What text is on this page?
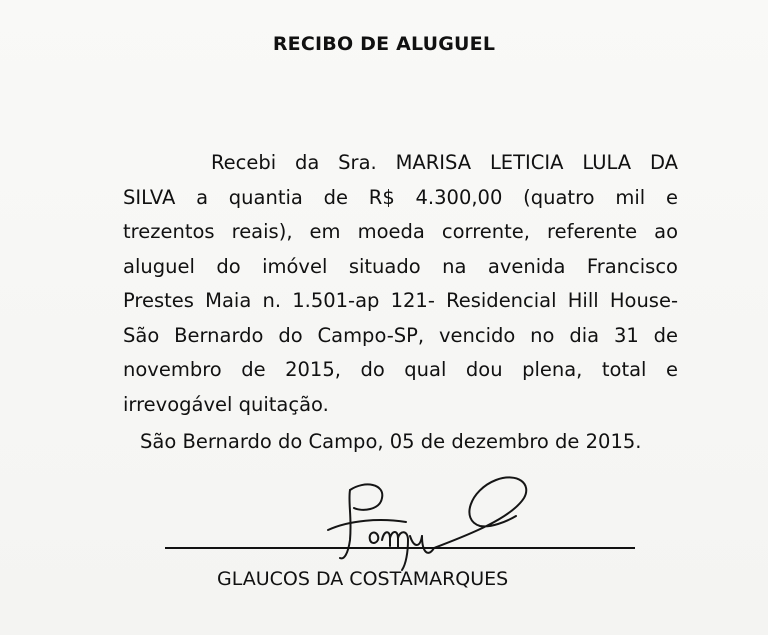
RECIBO DE ALUGUEL
Recebi da Sra. MARISA LETICIA LULA DA
SILVA a quantia de R$ 4.300,00 (quatro mil e
trezentos reais), em moeda corrente, referente ao
aluguel do imóvel situado na avenida Francisco
Prestes Maia n. 1.501-ap 121- Residencial Hill House-
São Bernardo do Campo-SP, vencido no dia 31 de
novembro de 2015, do qual dou plena, total e
irrevogável quitação.
São Bernardo do Campo, 05 de dezembro de 2015.
GLAUCOS DA COSTAMARQUES
